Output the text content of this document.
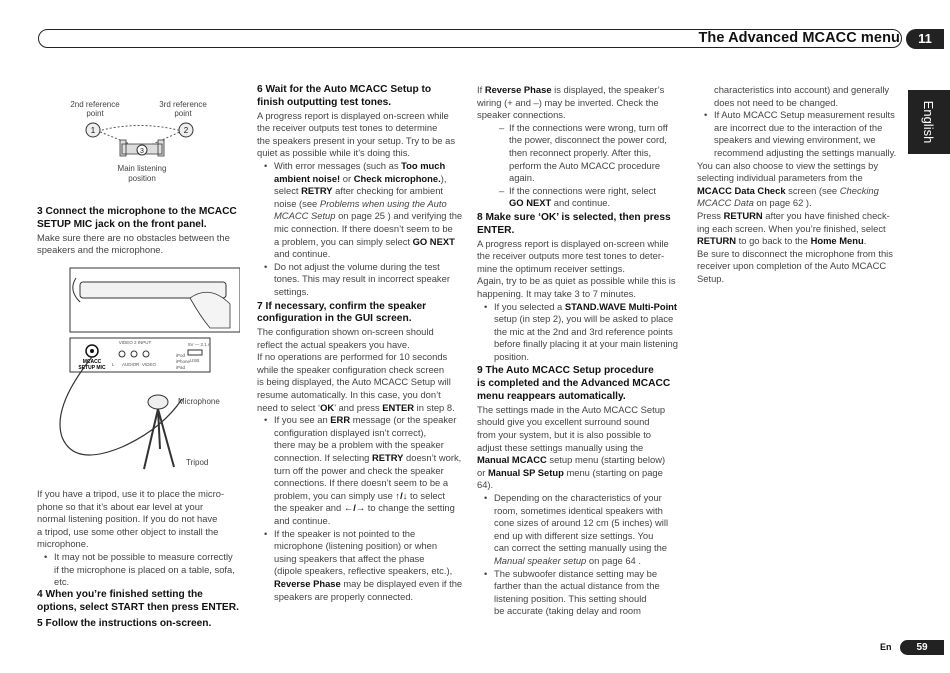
The Advanced MCACC menu	11
English
2nd reference
point
3rd reference
point
1	2
3
Main listening
position
MCACC
SETUP MIC
VIDEO 2 INPUT
L AUDIO R VIDEO
5V — 2.1 A
iPod
iPhone
iPad
USB
Microphone
Tripod

3 Connect the microphone to the MCACC SETUP MIC jack on the front panel.

Make sure there are no obstacles between the

speakers and the microphone.

If you have a tripod, use it to place the micro-

phone so that it’s about ear level at your

normal listening position. If you do not have

a tripod, use some other object to install the

microphone.

• It may not be possible to measure correctly

if the microphone is placed on a table, sofa,

etc.

4 When you’re finished setting the

options, select START then press ENTER.

5 Follow the instructions on-screen.

6 Wait for the Auto MCACC Setup to

finish outputting test tones.

A progress report is displayed on-screen while

the receiver outputs test tones to determine

the speakers present in your setup. Try to be as

quiet as possible while it’s doing this.

• With error messages (such as Too much

ambient noise! or Check microphone.),

select RETRY after checking for ambient

noise (see Problems when using the Auto

MCACC Setup on page 25 ) and verifying the

mic connection. If there doesn’t seem to be

a problem, you can simply select GO NEXT

and continue.

• Do not adjust the volume during the test

tones. This may result in incorrect speaker

settings.

7 If necessary, confirm the speaker

configuration in the GUI screen.

The configuration shown on-screen should

reflect the actual speakers you have.

If no operations are performed for 10 seconds

while the speaker configuration check screen

is being displayed, the Auto MCACC Setup will

resume automatically. In this case, you don’t

need to select ‘OK’ and press ENTER in step 8.

• If you see an ERR message (or the speaker

configuration displayed isn’t correct),

there may be a problem with the speaker

connection. If selecting RETRY doesn’t work,

turn off the power and check the speaker

connections. If there doesn’t seem to be a

problem, you can simply use ↑/↓ to select

the speaker and ←/→ to change the setting

and continue.

• If the speaker is not pointed to the

microphone (listening position) or when

using speakers that affect the phase

(dipole speakers, reflective speakers, etc.),

Reverse Phase may be displayed even if the

speakers are properly connected.

If Reverse Phase is displayed, the speaker’s

wiring (+ and –) may be inverted. Check the

speaker connections.

– If the connections were wrong, turn off

the power, disconnect the power cord,

then reconnect properly. After this,

perform the Auto MCACC procedure

again.

– If the connections were right, select

GO NEXT and continue.

8 Make sure ‘OK’ is selected, then press

ENTER.

A progress report is displayed on-screen while

the receiver outputs more test tones to deter-

mine the optimum receiver settings.

Again, try to be as quiet as possible while this is

happening. It may take 3 to 7 minutes.

• If you selected a STAND.WAVE Multi-Point

setup (in step 2), you will be asked to place

the mic at the 2nd and 3rd reference points

before finally placing it at your main listening

position.

9 The Auto MCACC Setup procedure

is completed and the Advanced MCACC

menu reappears automatically.

The settings made in the Auto MCACC Setup

should give you excellent surround sound

from your system, but it is also possible to

adjust these settings manually using the

Manual MCACC setup menu (starting below)

or Manual SP Setup menu (starting on page

64).

• Depending on the characteristics of your

room, sometimes identical speakers with

cone sizes of around 12 cm (5 inches) will

end up with different size settings. You

can correct the setting manually using the

Manual speaker setup on page 64 .

• The subwoofer distance setting may be

farther than the actual distance from the

listening position. This setting should

be accurate (taking delay and room

characteristics into account) and generally

does not need to be changed.

• If Auto MCACC Setup measurement results

are incorrect due to the interaction of the

speakers and viewing environment, we

recommend adjusting the settings manually.

You can also choose to view the settings by

selecting individual parameters from the

MCACC Data Check screen (see Checking

MCACC Data on page 62 ).

Press RETURN after you have finished check-

ing each screen. When you’re finished, select

RETURN to go back to the Home Menu.

Be sure to disconnect the microphone from this

receiver upon completion of the Auto MCACC

Setup.

En	59
